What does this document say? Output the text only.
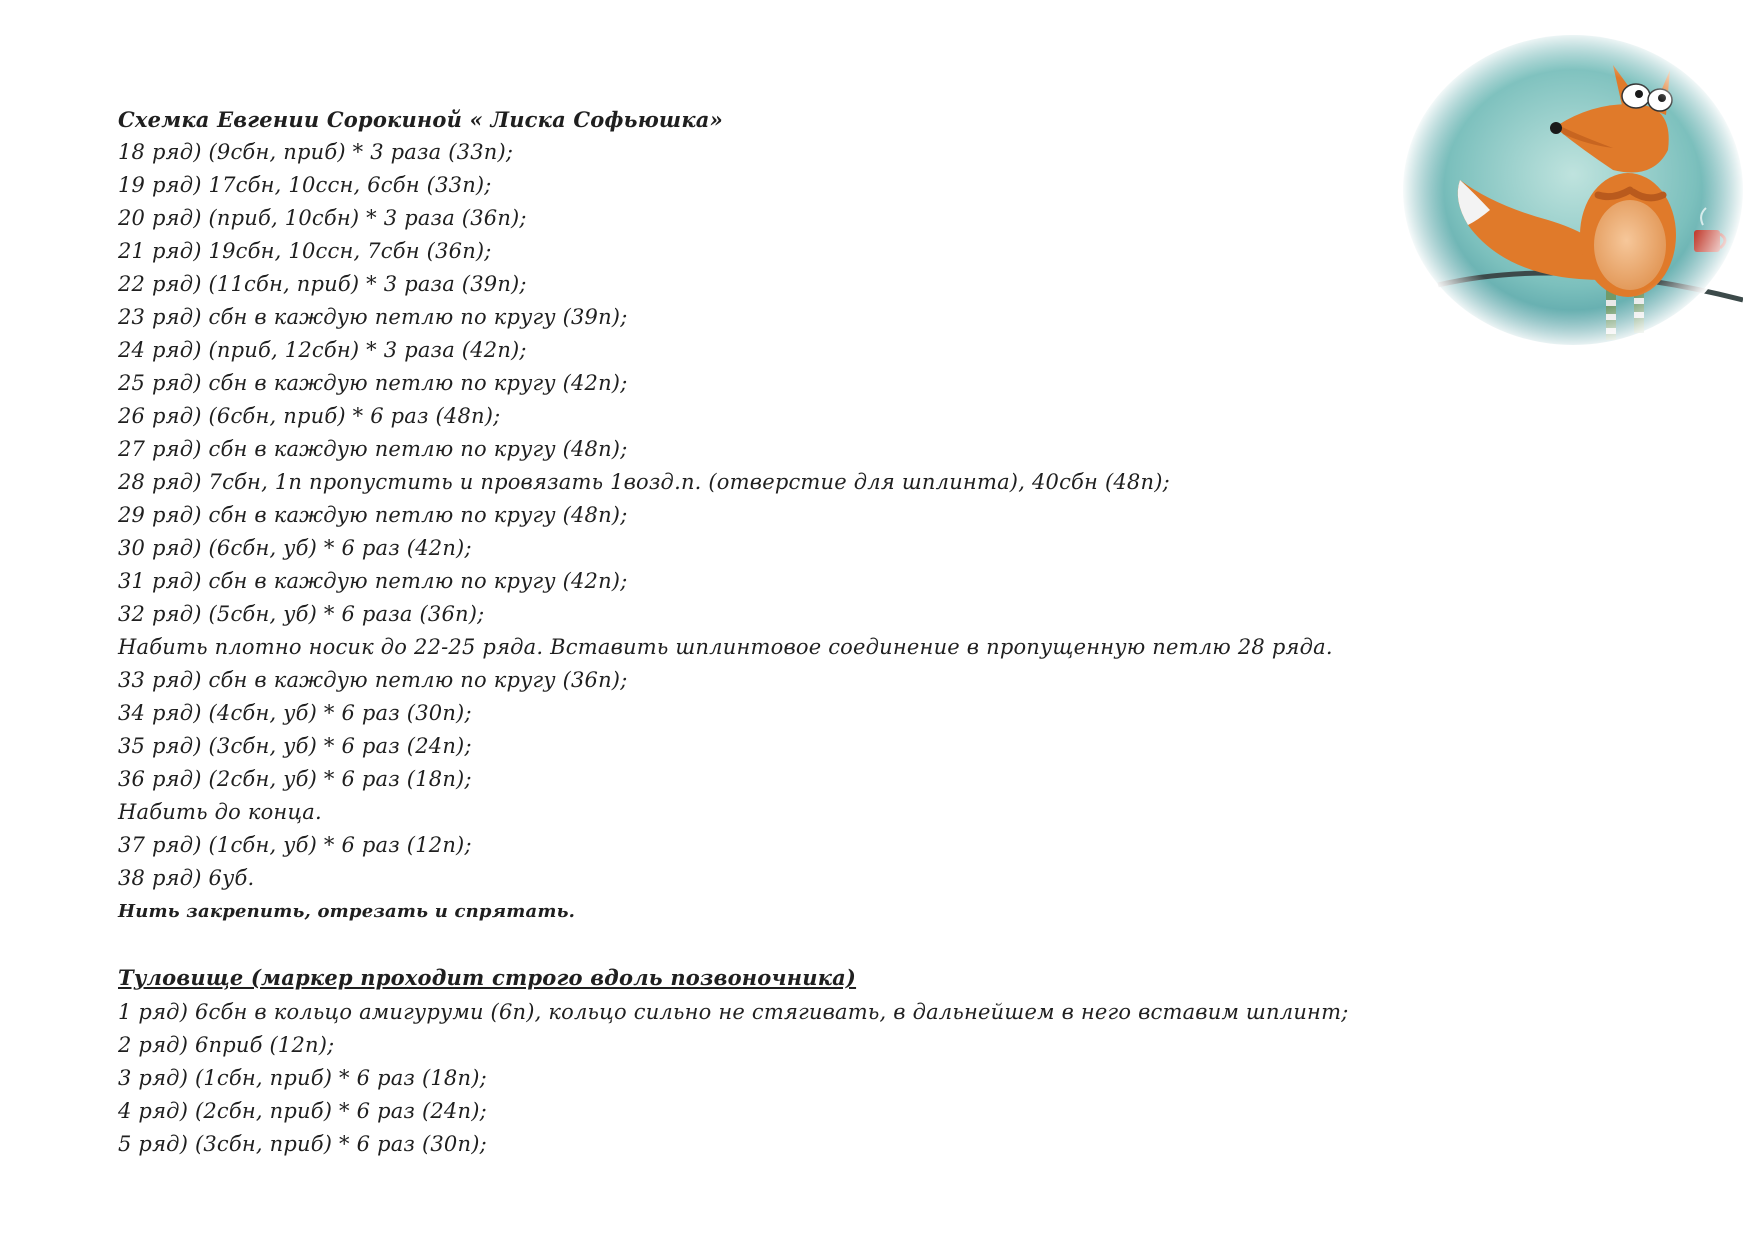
Схемка Евгении Сорокиной « Лиска Софьюшка»
18 ряд) (9сбн, приб) * 3 раза (33п);
19 ряд) 17сбн, 10ссн, 6сбн (33п);
20 ряд) (приб, 10сбн) * 3 раза (36п);
21 ряд) 19сбн, 10ссн, 7сбн (36п);
22 ряд) (11сбн, приб) * 3 раза (39п);
23 ряд) сбн в каждую петлю по кругу (39п);
24 ряд) (приб, 12сбн) * 3 раза (42п);
25 ряд) сбн в каждую петлю по кругу (42п);
26 ряд) (6сбн, приб) * 6 раз (48п);
27 ряд) сбн в каждую петлю по кругу (48п);
28 ряд) 7сбн, 1п пропустить и провязать 1возд.п. (отверстие для шплинта), 40сбн (48п);
29 ряд) сбн в каждую петлю по кругу (48п);
30 ряд) (6сбн, уб) * 6 раз (42п);
31 ряд) сбн в каждую петлю по кругу (42п);
32 ряд) (5сбн, уб) * 6 раза (36п);
Набить плотно носик до 22-25 ряда. Вставить шплинтовое соединение в пропущенную петлю 28 ряда.
33 ряд) сбн в каждую петлю по кругу (36п);
34 ряд) (4сбн, уб) * 6 раз (30п);
35 ряд) (3сбн, уб) * 6 раз (24п);
36 ряд) (2сбн, уб) * 6 раз (18п);
Набить до конца.
37 ряд) (1сбн, уб) * 6 раз (12п);
38 ряд) 6уб.
Нить закрепить, отрезать и спрятать.
Туловище (маркер проходит строго вдоль позвоночника)
1 ряд) 6сбн в кольцо амигуруми (6п), кольцо сильно не стягивать, в дальнейшем в него вставим шплинт;
2 ряд) 6приб (12п);
3 ряд) (1сбн, приб) * 6 раз (18п);
4 ряд) (2сбн, приб) * 6 раз (24п);
5 ряд) (3сбн, приб) * 6 раз (30п);
